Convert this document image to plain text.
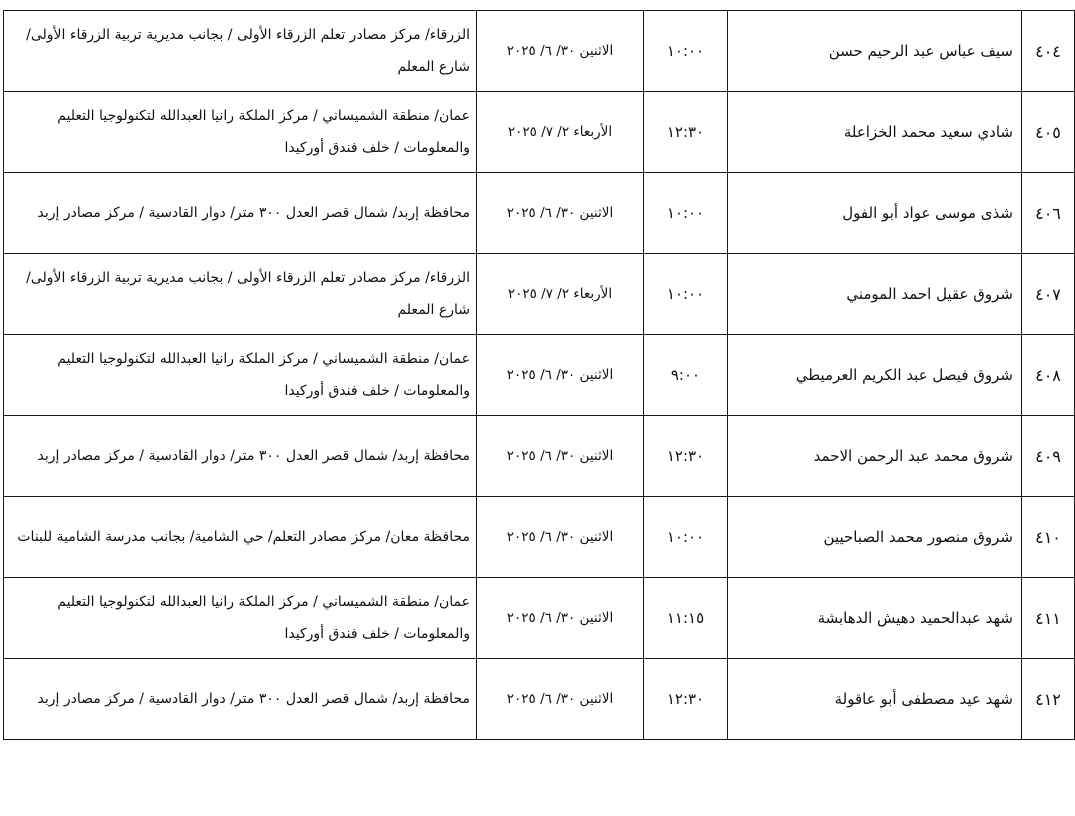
٤٠٤	سيف عباس عبد الرحيم حسن	١٠:٠٠	الاثنين ٣٠/ ٦/ ٢٠٢٥	الزرقاء/ مركز مصادر تعلم الزرقاء الأولى / بجانب مديرية تربية الزرقاء الأولى/ شارع المعلم
٤٠٥	شادي سعيد محمد الخزاعلة	١٢:٣٠	الأربعاء ٢/ ٧/ ٢٠٢٥	عمان/ منطقة الشميساني / مركز الملكة رانيا العبدالله لتكنولوجيا التعليم والمعلومات / خلف فندق أوركيدا
٤٠٦	شذى موسى عواد أبو الفول	١٠:٠٠	الاثنين ٣٠/ ٦/ ٢٠٢٥	محافظة إربد/ شمال قصر العدل ٣٠٠ متر/ دوار القادسية / مركز مصادر إربد
٤٠٧	شروق عقيل احمد المومني	١٠:٠٠	الأربعاء ٢/ ٧/ ٢٠٢٥	الزرقاء/ مركز مصادر تعلم الزرقاء الأولى / بجانب مديرية تربية الزرقاء الأولى/ شارع المعلم
٤٠٨	شروق فيصل عبد الكريم العرميطي	٩:٠٠	الاثنين ٣٠/ ٦/ ٢٠٢٥	عمان/ منطقة الشميساني / مركز الملكة رانيا العبدالله لتكنولوجيا التعليم والمعلومات / خلف فندق أوركيدا
٤٠٩	شروق محمد عبد الرحمن الاحمد	١٢:٣٠	الاثنين ٣٠/ ٦/ ٢٠٢٥	محافظة إربد/ شمال قصر العدل ٣٠٠ متر/ دوار القادسية / مركز مصادر إربد
٤١٠	شروق منصور محمد الصباحيين	١٠:٠٠	الاثنين ٣٠/ ٦/ ٢٠٢٥	محافظة معان/ مركز مصادر التعلم/ حي الشامية/ بجانب مدرسة الشامية للبنات
٤١١	شهد عبدالحميد دهيش الدهابشة	١١:١٥	الاثنين ٣٠/ ٦/ ٢٠٢٥	عمان/ منطقة الشميساني / مركز الملكة رانيا العبدالله لتكنولوجيا التعليم والمعلومات / خلف فندق أوركيدا
٤١٢	شهد عيد مصطفى أبو عاقولة	١٢:٣٠	الاثنين ٣٠/ ٦/ ٢٠٢٥	محافظة إربد/ شمال قصر العدل ٣٠٠ متر/ دوار القادسية / مركز مصادر إربد
